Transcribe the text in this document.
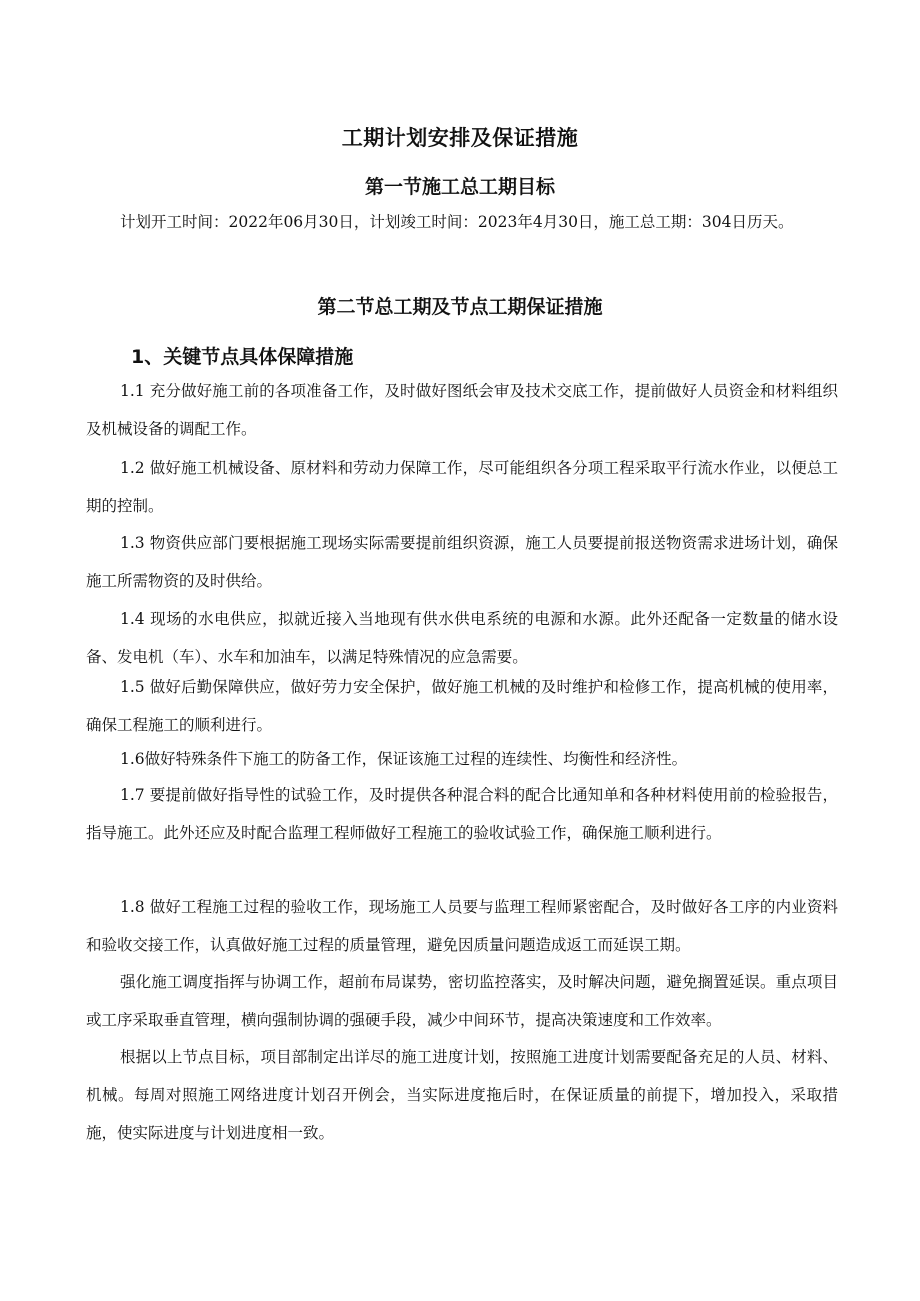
工期计划安排及保证措施
第一节施工总工期目标

计划开工时间：2022年06月30日，计划竣工时间：2023年4月30日，施工总工期：304日历天。

第二节总工期及节点工期保证措施
1、关键节点具体保障措施

1.1 充分做好施工前的各项准备工作，及时做好图纸会审及技术交底工作，提前做好人员资金和材料组织及机械设备的调配工作。

1.2 做好施工机械设备、原材料和劳动力保障工作，尽可能组织各分项工程采取平行流水作业，以便总工期的控制。

1.3 物资供应部门要根据施工现场实际需要提前组织资源，施工人员要提前报送物资需求进场计划，确保施工所需物资的及时供给。

1.4 现场的水电供应，拟就近接入当地现有供水供电系统的电源和水源。此外还配备一定数量的储水设备、发电机（车）、水车和加油车，以满足特殊情况的应急需要。

1.5 做好后勤保障供应，做好劳力安全保护，做好施工机械的及时维护和检修工作，提高机械的使用率，确保工程施工的顺利进行。

1.6做好特殊条件下施工的防备工作，保证该施工过程的连续性、均衡性和经济性。

1.7 要提前做好指导性的试验工作，及时提供各种混合料的配合比通知单和各种材料使用前的检验报告，指导施工。此外还应及时配合监理工程师做好工程施工的验收试验工作，确保施工顺利进行。

1.8 做好工程施工过程的验收工作，现场施工人员要与监理工程师紧密配合，及时做好各工序的内业资料和验收交接工作，认真做好施工过程的质量管理，避免因质量问题造成返工而延误工期。

强化施工调度指挥与协调工作，超前布局谋势，密切监控落实，及时解决问题，避免搁置延误。重点项目或工序采取垂直管理，横向强制协调的强硬手段，减少中间环节，提高决策速度和工作效率。

根据以上节点目标，项目部制定出详尽的施工进度计划，按照施工进度计划需要配备充足的人员、材料、机械。每周对照施工网络进度计划召开例会，当实际进度拖后时，在保证质量的前提下，增加投入，采取措施，使实际进度与计划进度相一致。
